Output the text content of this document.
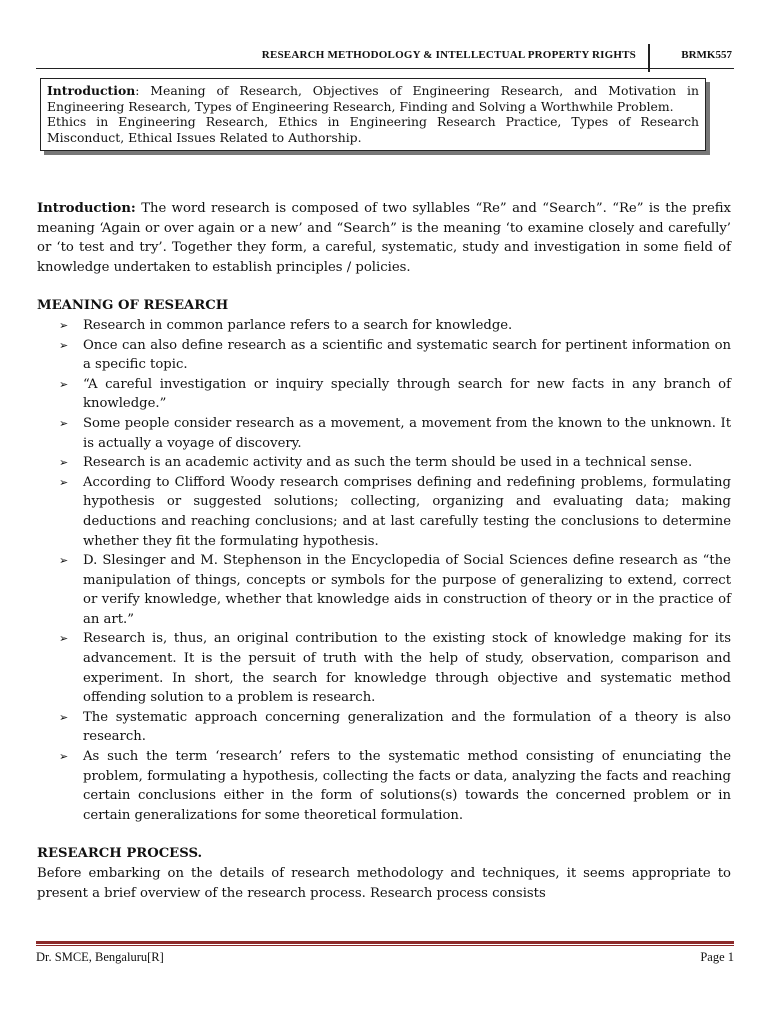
RESEARCH METHODOLOGY & INTELLECTUAL PROPERTY RIGHTS	BRMK557

Introduction: Meaning of Research, Objectives of Engineering Research, and Motivation in Engineering Research, Types of Engineering Research, Finding and Solving a Worthwhile Problem.

Ethics in Engineering Research, Ethics in Engineering Research Practice, Types of Research Misconduct, Ethical Issues Related to Authorship.

Introduction: The word research is composed of two syllables “Re” and “Search”. “Re” is the prefix meaning ‘Again or over again or a new’ and “Search” is the meaning ‘to examine closely and carefully’ or ‘to test and try’. Together they form, a careful, systematic, study and investigation in some field of knowledge undertaken to establish principles / policies.

MEANING OF RESEARCH

➢ Research in common parlance refers to a search for knowledge.
➢ Once can also define research as a scientific and systematic search for pertinent information on a specific topic.
➢ “A careful investigation or inquiry specially through search for new facts in any branch of knowledge.”
➢ Some people consider research as a movement, a movement from the known to the unknown. It is actually a voyage of discovery.
➢ Research is an academic activity and as such the term should be used in a technical sense.
➢ According to Clifford Woody research comprises defining and redefining problems, formulating hypothesis or suggested solutions; collecting, organizing and evaluating data; making deductions and reaching conclusions; and at last carefully testing the conclusions to determine whether they fit the formulating hypothesis.
➢ D. Slesinger and M. Stephenson in the Encyclopedia of Social Sciences define research as “the manipulation of things, concepts or symbols for the purpose of generalizing to extend, correct or verify knowledge, whether that knowledge aids in construction of theory or in the practice of an art.”
➢ Research is, thus, an original contribution to the existing stock of knowledge making for its advancement. It is the persuit of truth with the help of study, observation, comparison and experiment. In short, the search for knowledge through objective and systematic method offending solution to a problem is research.
➢ The systematic approach concerning generalization and the formulation of a theory is also research.
➢ As such the term ‘research’ refers to the systematic method consisting of enunciating the problem, formulating a hypothesis, collecting the facts or data, analyzing the facts and reaching certain conclusions either in the form of solutions(s) towards the concerned problem or in certain generalizations for some theoretical formulation.

RESEARCH PROCESS.

Before embarking on the details of research methodology and techniques, it seems appropriate to present a brief overview of the research process. Research process consists

Dr. SMCE, Bengaluru[R]	Page 1
